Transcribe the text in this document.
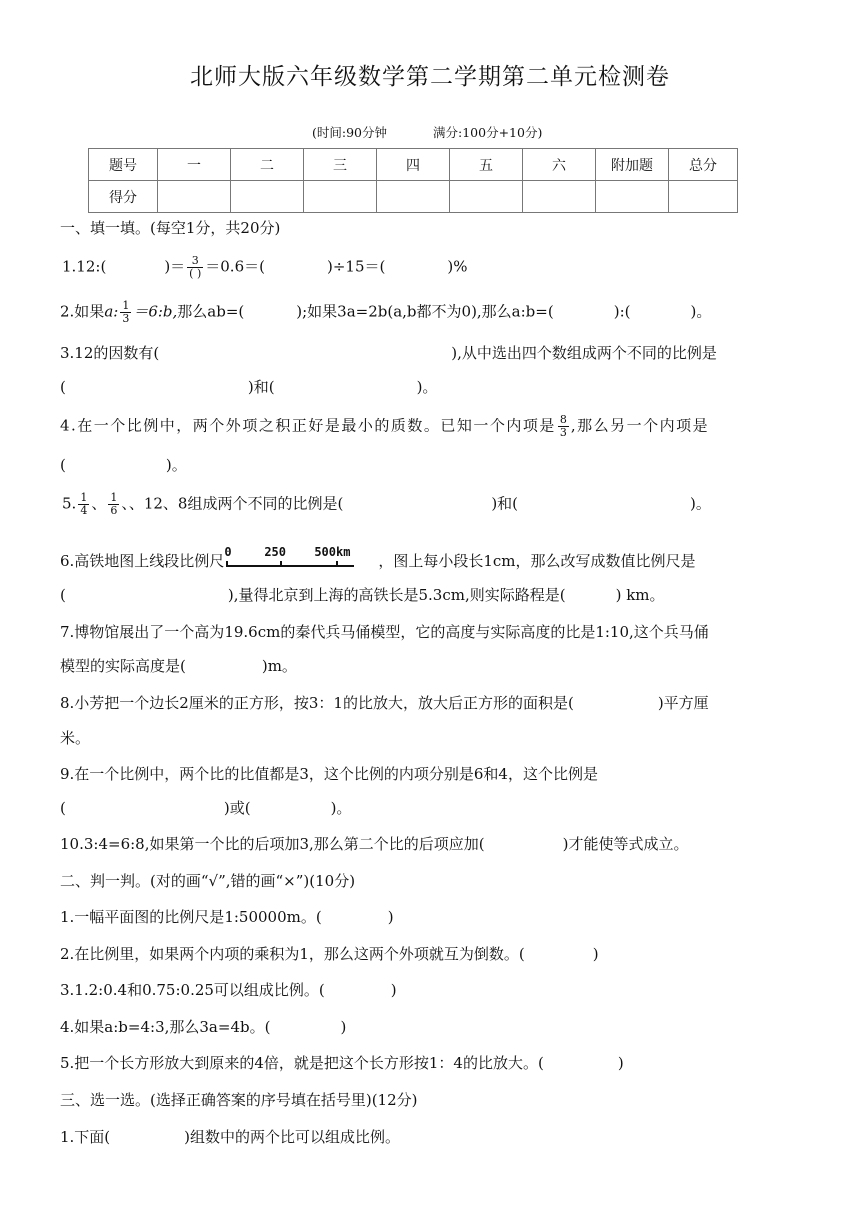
北师大版六年级数学第二学期第二单元检测卷
(时间:90分钟	满分:100分+10分)
题号	一	二	三	四	五	六	附加题	总分
得分								
一、填一填。(每空1分，共20分)
1.12:(	)＝ $\frac{3}{( )} =0.6=$(	)÷15＝(	)%
2.如果a: $\frac{1}{3}$ ＝6:b,那么ab=(	);如果3a=2b(a,b都不为0),那么a:b=(	):(	)。
3.12的因数有(	),从中选出四个数组成两个不同的比例是
(	)和(	)。
4.在一个比例中，两个外项之积正好是最小的质数。已知一个内项是 $\frac{8}{3}$ ,那么另一个内项是
(	)。
5. $\frac{1}{4}$ 、 $\frac{1}{6}$ 、、12、8组成两个不同的比例是(	)和(	)。
6.高铁地图上线段比例尺 0	250 500km ，图上每小段长1cm，那么改写成数值比例尺是
(	),量得北京到上海的高铁长是5.3cm,则实际路程是(	) km。
7.博物馆展出了一个高为19.6cm的秦代兵马俑模型，它的高度与实际高度的比是1:10,这个兵马俑
模型的实际高度是(	)m。
8.小芳把一个边长2厘米的正方形，按3：1的比放大，放大后正方形的面积是(	)平方厘
米。
9.在一个比例中，两个比的比值都是3，这个比例的内项分别是6和4，这个比例是
(	)或(	)。
10.3:4=6:8,如果第一个比的后项加3,那么第二个比的后项应加(	)才能使等式成立。
二、判一判。(对的画“√”,错的画“×”)(10分)
1.一幅平面图的比例尺是1:50000m。(	)
2.在比例里，如果两个内项的乘积为1，那么这两个外项就互为倒数。(	)
3.1.2:0.4和0.75:0.25可以组成比例。(	)
4.如果a:b=4:3,那么3a=4b。(	)
5.把一个长方形放大到原来的4倍，就是把这个长方形按1：4的比放大。(	)
三、选一选。(选择正确答案的序号填在括号里)(12分)
1.下面(	)组数中的两个比可以组成比例。
